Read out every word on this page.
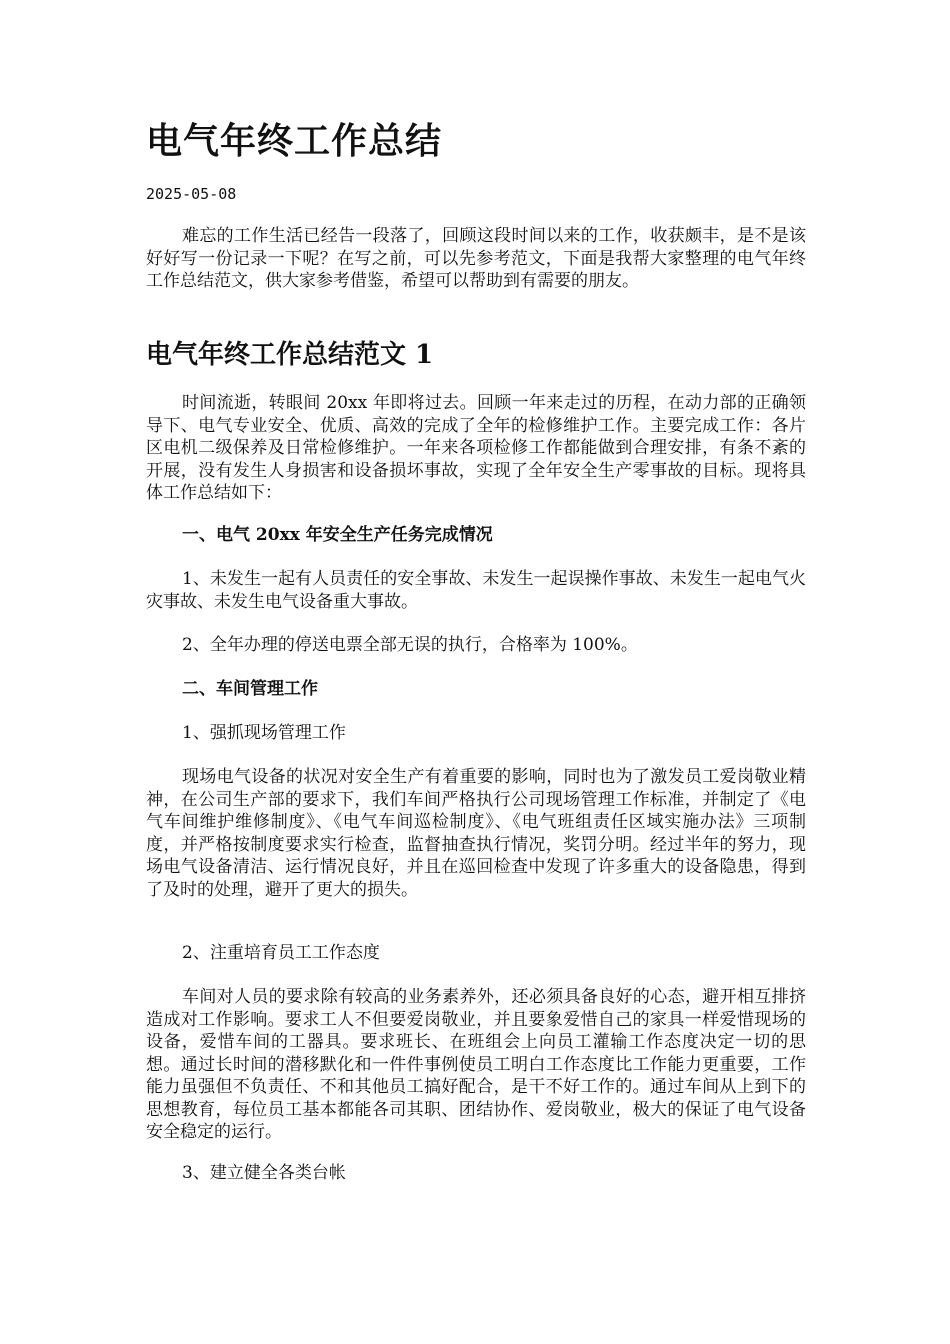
电气年终工作总结
2025-05-08

难忘的工作生活已经告一段落了，回顾这段时间以来的工作，收获颇丰，是不是该好好写一份记录一下呢？在写之前，可以先参考范文，下面是我帮大家整理的电气年终工作总结范文，供大家参考借鉴，希望可以帮助到有需要的朋友。

电气年终工作总结范文 1

时间流逝，转眼间 20xx 年即将过去。回顾一年来走过的历程，在动力部的正确领导下、电气专业安全、优质、高效的完成了全年的检修维护工作。主要完成工作：各片区电机二级保养及日常检修维护。一年来各项检修工作都能做到合理安排，有条不紊的开展，没有发生人身损害和设备损坏事故，实现了全年安全生产零事故的目标。现将具体工作总结如下：

一、电气 20xx 年安全生产任务完成情况

1、未发生一起有人员责任的安全事故、未发生一起误操作事故、未发生一起电气火灾事故、未发生电气设备重大事故。

2、全年办理的停送电票全部无误的执行，合格率为 100%。

二、车间管理工作
1、强抓现场管理工作

现场电气设备的状况对安全生产有着重要的影响，同时也为了激发员工爱岗敬业精神，在公司生产部的要求下，我们车间严格执行公司现场管理工作标准，并制定了《电气车间维护维修制度》、《电气车间巡检制度》、《电气班组责任区域实施办法》三项制度，并严格按制度要求实行检查，监督抽查执行情况，奖罚分明。经过半年的努力，现场电气设备清洁、运行情况良好，并且在巡回检查中发现了许多重大的设备隐患，得到了及时的处理，避开了更大的损失。

2、注重培育员工工作态度

车间对人员的要求除有较高的业务素养外，还必须具备良好的心态，避开相互排挤造成对工作影响。要求工人不但要爱岗敬业，并且要象爱惜自己的家具一样爱惜现场的设备，爱惜车间的工器具。要求班长、在班组会上向员工灌输工作态度决定一切的思想。通过长时间的潜移默化和一件件事例使员工明白工作态度比工作能力更重要，工作能力虽强但不负责任、不和其他员工搞好配合，是干不好工作的。通过车间从上到下的思想教育，每位员工基本都能各司其职、团结协作、爱岗敬业，极大的保证了电气设备安全稳定的运行。

3、建立健全各类台帐
